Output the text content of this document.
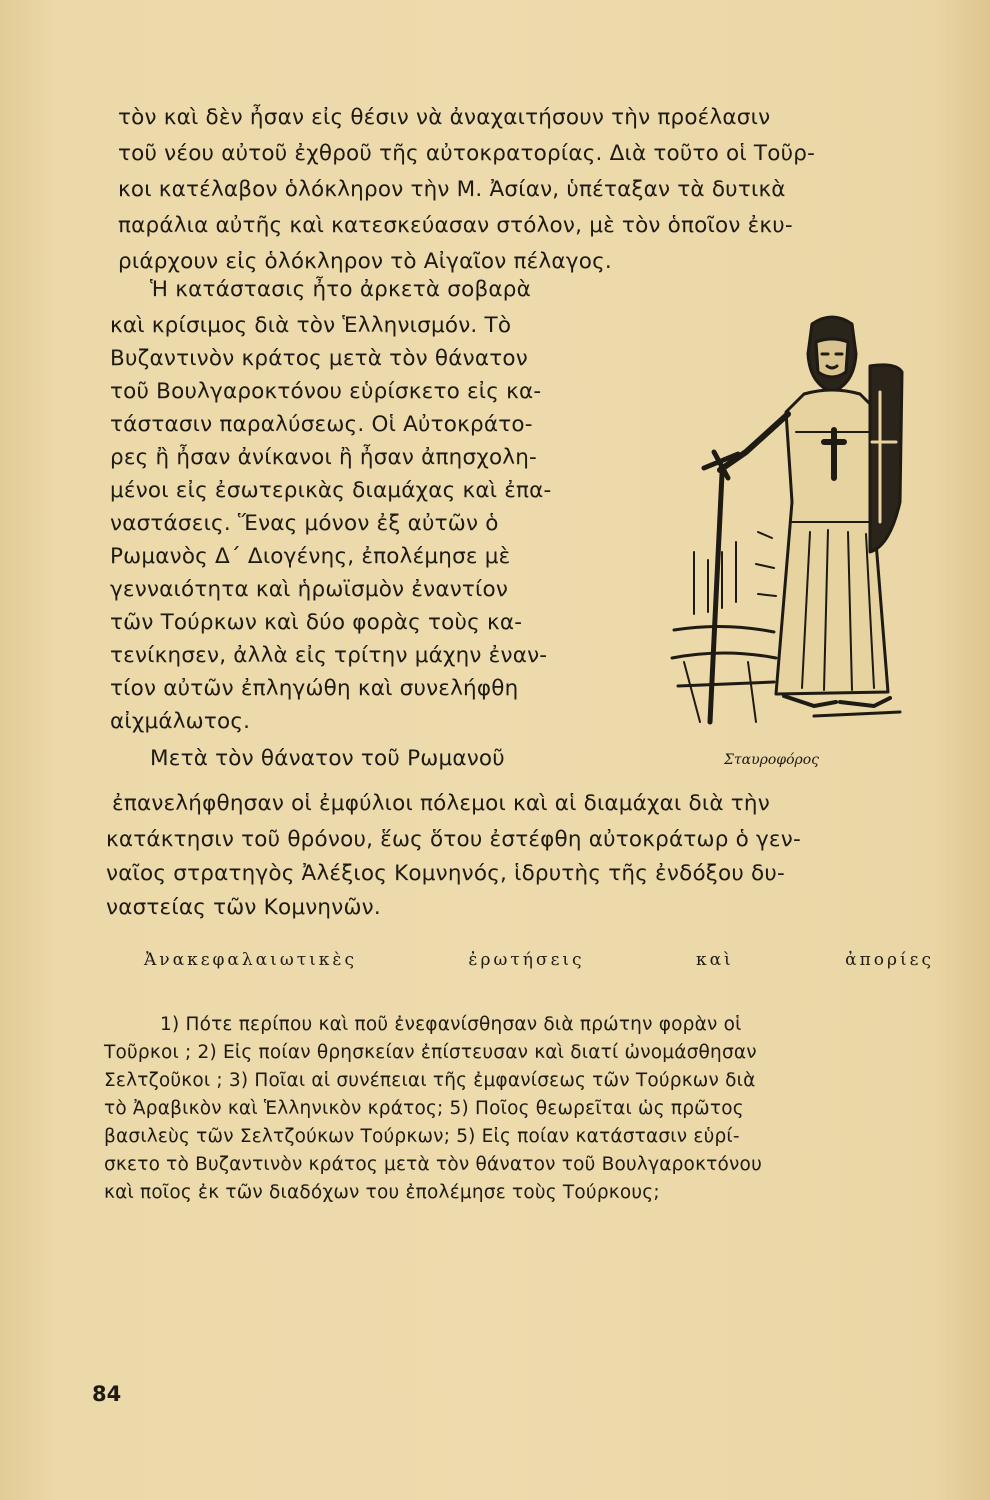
τὸν καὶ δὲν ἦσαν εἰς θέσιν νὰ ἀναχαιτήσουν τὴν προέλασιν

τοῦ νέου αὐτοῦ ἐχθροῦ τῆς αὐτοκρατορίας. Διὰ τοῦτο οἱ Τοῦρ-

κοι κατέλαβον ὁλόκληρον τὴν Μ. Ἀσίαν, ὑπέταξαν τὰ δυτικὰ

παράλια αὐτῆς καὶ κατεσκεύασαν στόλον, μὲ τὸν ὁποῖον ἐκυ-

ριάρχουν εἰς ὁλόκληρον τὸ Αἰγαῖον πέλαγος.

Ἡ κατάστασις ἦτο ἀρκετὰ σοβαρὰ

καὶ κρίσιμος διὰ τὸν Ἑλληνισμόν. Τὸ

Βυζαντινὸν κράτος μετὰ τὸν θάνατον

τοῦ Βουλγαροκτόνου εὑρίσκετο εἰς κα-

τάστασιν παραλύσεως. Οἱ Αὐτοκράτο-

ρες ἢ ἦσαν ἀνίκανοι ἢ ἦσαν ἀπησχολη-

μένοι εἰς ἐσωτερικὰς διαμάχας καὶ ἐπα-

ναστάσεις. Ἕνας μόνον ἐξ αὐτῶν ὁ

Ρωμανὸς Δ΄ Διογένης, ἐπολέμησε μὲ

γενναιότητα καὶ ἡρωϊσμὸν ἐναντίον

τῶν Τούρκων καὶ δύο φορὰς τοὺς κα-

τενίκησεν, ἀλλὰ εἰς τρίτην μάχην ἐναν-

τίον αὐτῶν ἐπληγώθη καὶ συνελήφθη

αἰχμάλωτος.

Μετὰ τὸν θάνατον τοῦ Ρωμανοῦ	Σταυροφόρος

ἐπανελήφθησαν οἱ ἐμφύλιοι πόλεμοι καὶ αἱ διαμάχαι διὰ τὴν

κατάκτησιν τοῦ θρόνου, ἕως ὅτου ἐστέφθη αὐτοκράτωρ ὁ γεν-

ναῖος στρατηγὸς Ἀλέξιος Κομνηνός, ἱδρυτὴς τῆς ἐνδόξου δυ-

ναστείας τῶν Κομνηνῶν.

Ἀνακεφαλαιωτικὲς	ἐρωτήσεις	καὶ	ἀπορίες

1) Πότε περίπου καὶ ποῦ ἐνεφανίσθησαν διὰ πρώτην φορὰν οἱ

Τοῦρκοι ; 2) Εἰς ποίαν θρησκείαν ἐπίστευσαν καὶ διατί ὠνομάσθησαν

Σελτζοῦκοι ; 3) Ποῖαι αἱ συνέπειαι τῆς ἐμφανίσεως τῶν Τούρκων διὰ

τὸ Ἀραβικὸν καὶ Ἑλληνικὸν κράτος; 5) Ποῖος θεωρεῖται ὡς πρῶτος

βασιλεὺς τῶν Σελτζούκων Τούρκων; 5) Εἰς ποίαν κατάστασιν εὑρί-

σκετο τὸ Βυζαντινὸν κράτος μετὰ τὸν θάνατον τοῦ Βουλγαροκτόνου

καὶ ποῖος ἐκ τῶν διαδόχων του ἐπολέμησε τοὺς Τούρκους;

84
